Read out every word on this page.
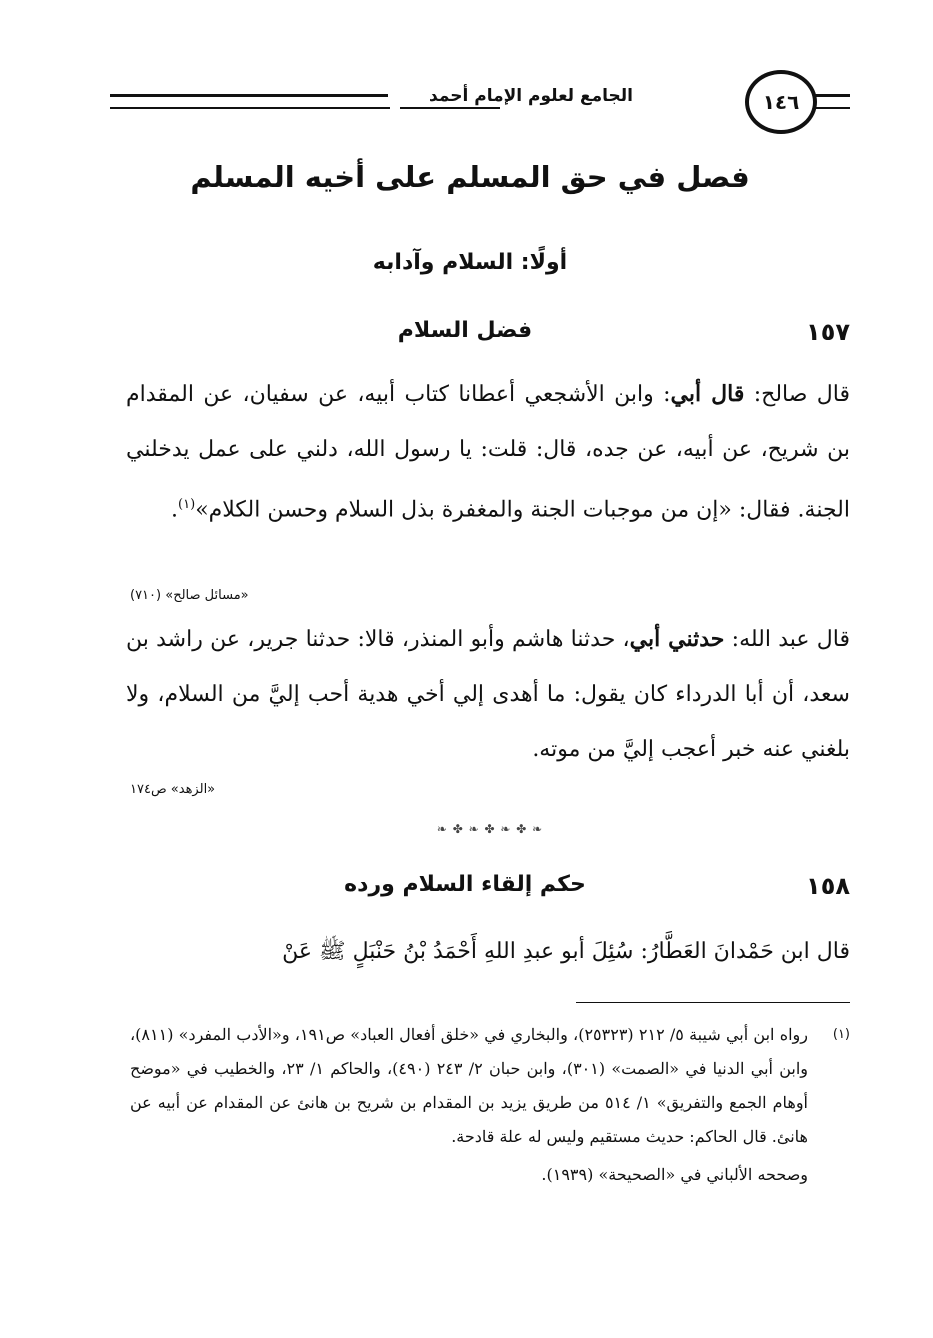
الجامع لعلوم الإمام أحمد	١٤٦
فصل في حق المسلم على أخيه المسلم
أولًا: السلام وآدابه
١٥٧
فضل السلام

قال صالح: قال أبي: وابن الأشجعي أعطانا كتاب أبيه، عن سفيان، عن المقدام بن شريح، عن أبيه، عن جده، قال: قلت: يا رسول الله، دلني على عمل يدخلني الجنة. فقال: «إن من موجبات الجنة والمغفرة بذل السلام وحسن الكلام»$^{(١)}$.

«مسائل صالح» (٧١٠)

قال عبد الله: حدثني أبي، حدثنا هاشم وأبو المنذر، قالا: حدثنا جرير، عن راشد بن سعد، أن أبا الدرداء كان يقول: ما أهدى إلي أخي هدية أحب إليَّ من السلام، ولا بلغني عنه خبر أعجب إليَّ من موته.

«الزهد» ص١٧٤
❧ ✤ ❧ ✤ ❧ ✤ ❧
١٥٨
حكم إلقاء السلام ورده

قال ابن حَمْدانَ العَطَّارُ: سُئِلَ أبو عبدِ اللهِ أَحْمَدُ بْنُ حَنْبَلٍ ﷺ عَنْ

(١)
رواه ابن أبي شيبة ٥/ ٢١٢ (٢٥٣٢٣)، والبخاري في «خلق أفعال العباد» ص١٩١، و«الأدب المفرد» (٨١١)، وابن أبي الدنيا في «الصمت» (٣٠١)، وابن حبان ٢/ ٢٤٣ (٤٩٠)، والحاكم ١/ ٢٣، والخطيب في «موضح أوهام الجمع والتفريق» ١/ ٥١٤ من طريق يزيد بن المقدام بن شريح بن هانئ عن المقدام عن أبيه عن هانئ. قال الحاكم: حديث مستقيم وليس له علة قادحة.
وصححه الألباني في «الصحيحة» (١٩٣٩).
